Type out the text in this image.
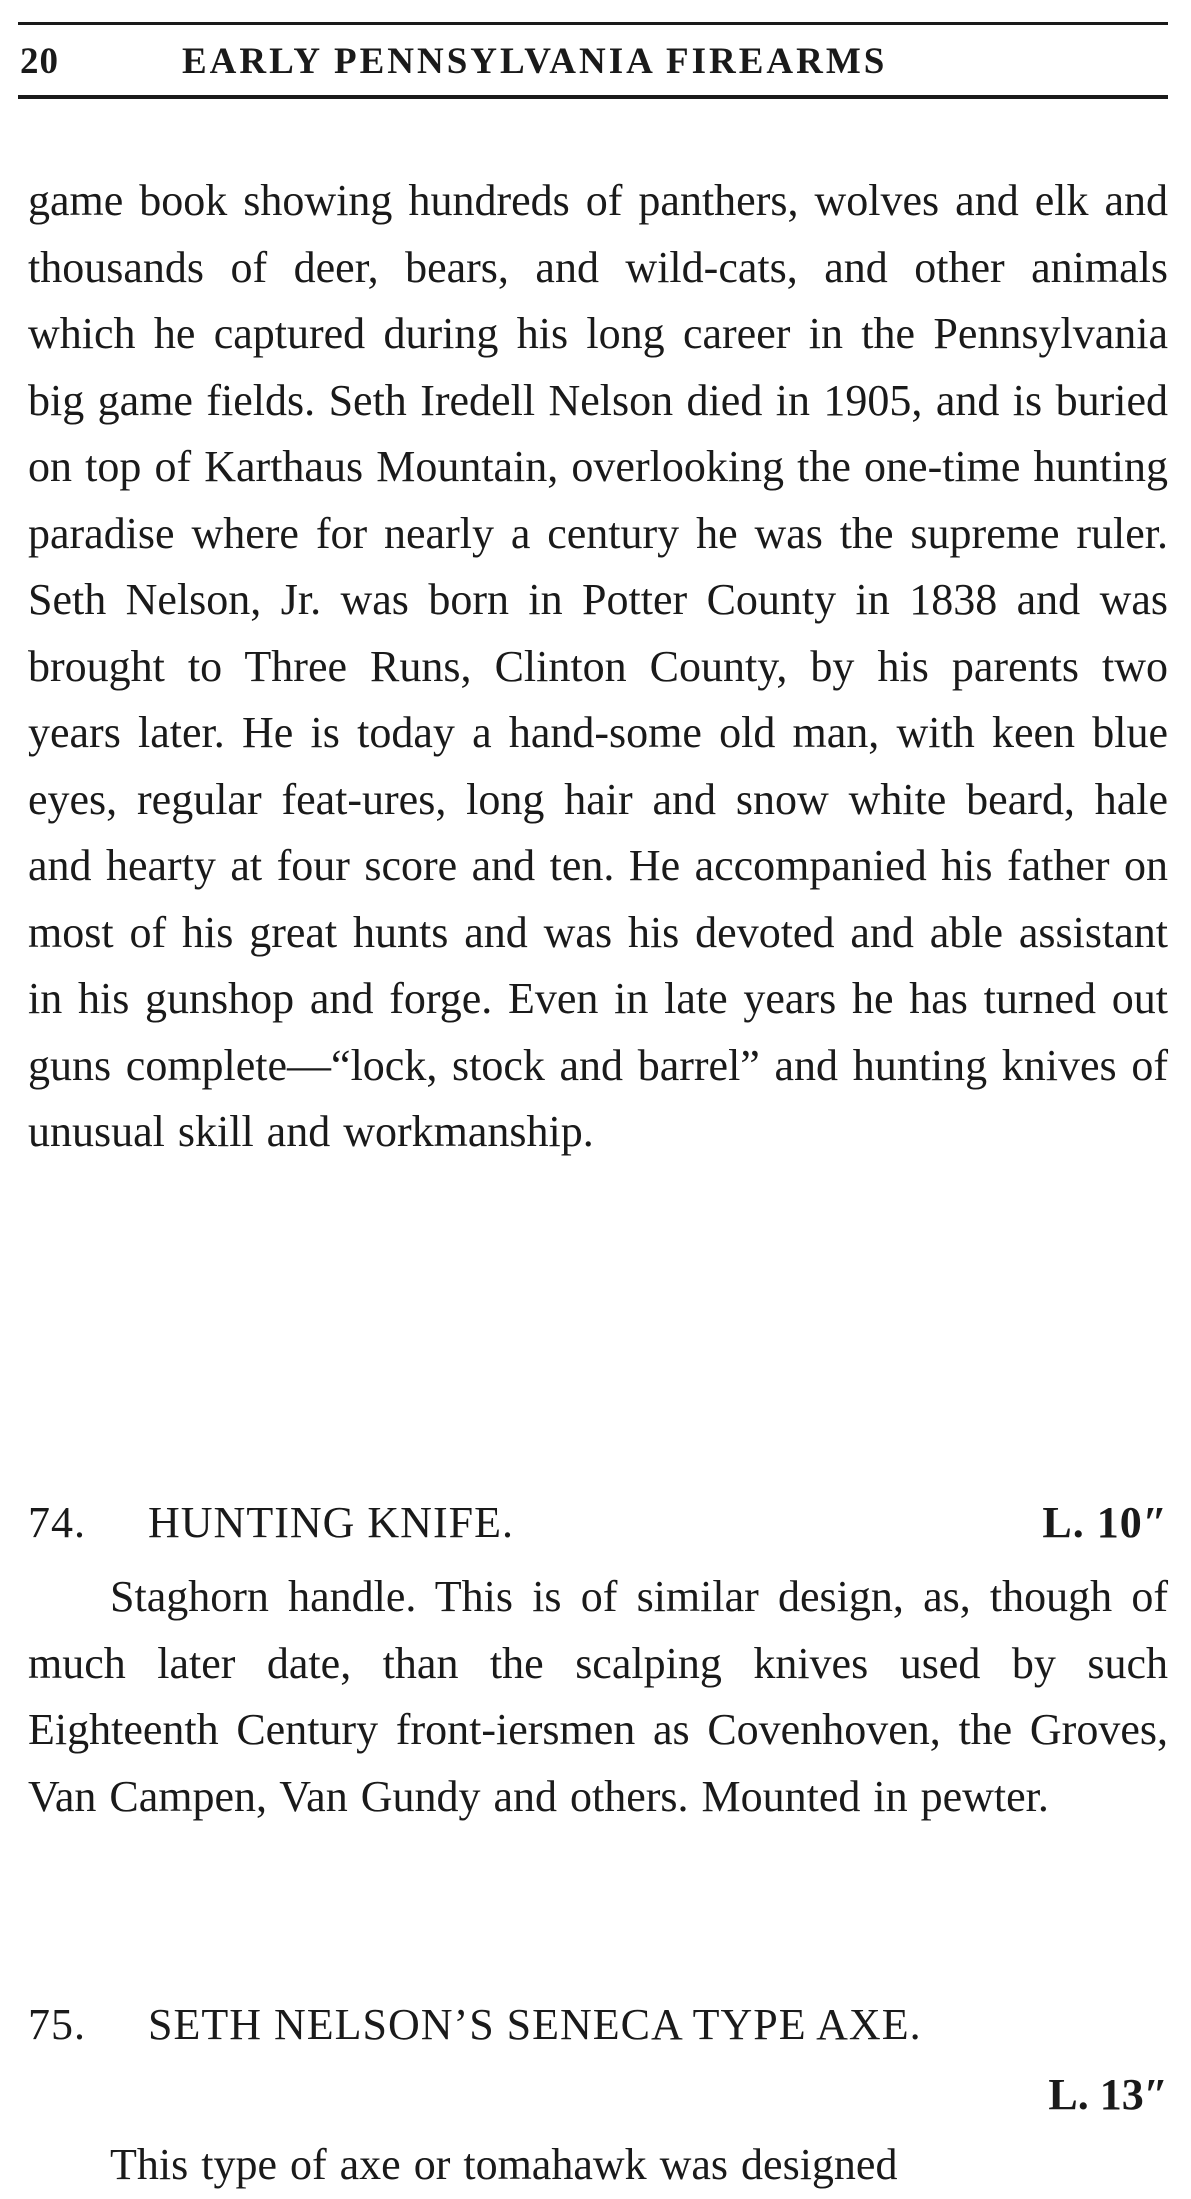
20	EARLY PENNSYLVANIA FIREARMS

game book showing hundreds of panthers, wolves and elk and thousands of deer, bears, and wild-cats, and other animals which he captured during his long career in the Pennsylvania big game fields. Seth Iredell Nelson died in 1905, and is buried on top of Karthaus Mountain, overlooking the one-time hunting paradise where for nearly a century he was the supreme ruler. Seth Nelson, Jr. was born in Potter County in 1838 and was brought to Three Runs, Clinton County, by his parents two years later. He is today a hand-some old man, with keen blue eyes, regular feat-ures, long hair and snow white beard, hale and hearty at four score and ten. He accompanied his father on most of his great hunts and was his devoted and able assistant in his gunshop and forge. Even in late years he has turned out guns complete—“lock, stock and barrel” and hunting knives of unusual skill and workmanship.

74. HUNTING KNIFE.	L. 10″

Staghorn handle. This is of similar design, as, though of much later date, than the scalping knives used by such Eighteenth Century front-iersmen as Covenhoven, the Groves, Van Campen, Van Gundy and others. Mounted in pewter.

75. SETH NELSON’S SENECA TYPE AXE.
L. 13″

This type of axe or tomahawk was designed
